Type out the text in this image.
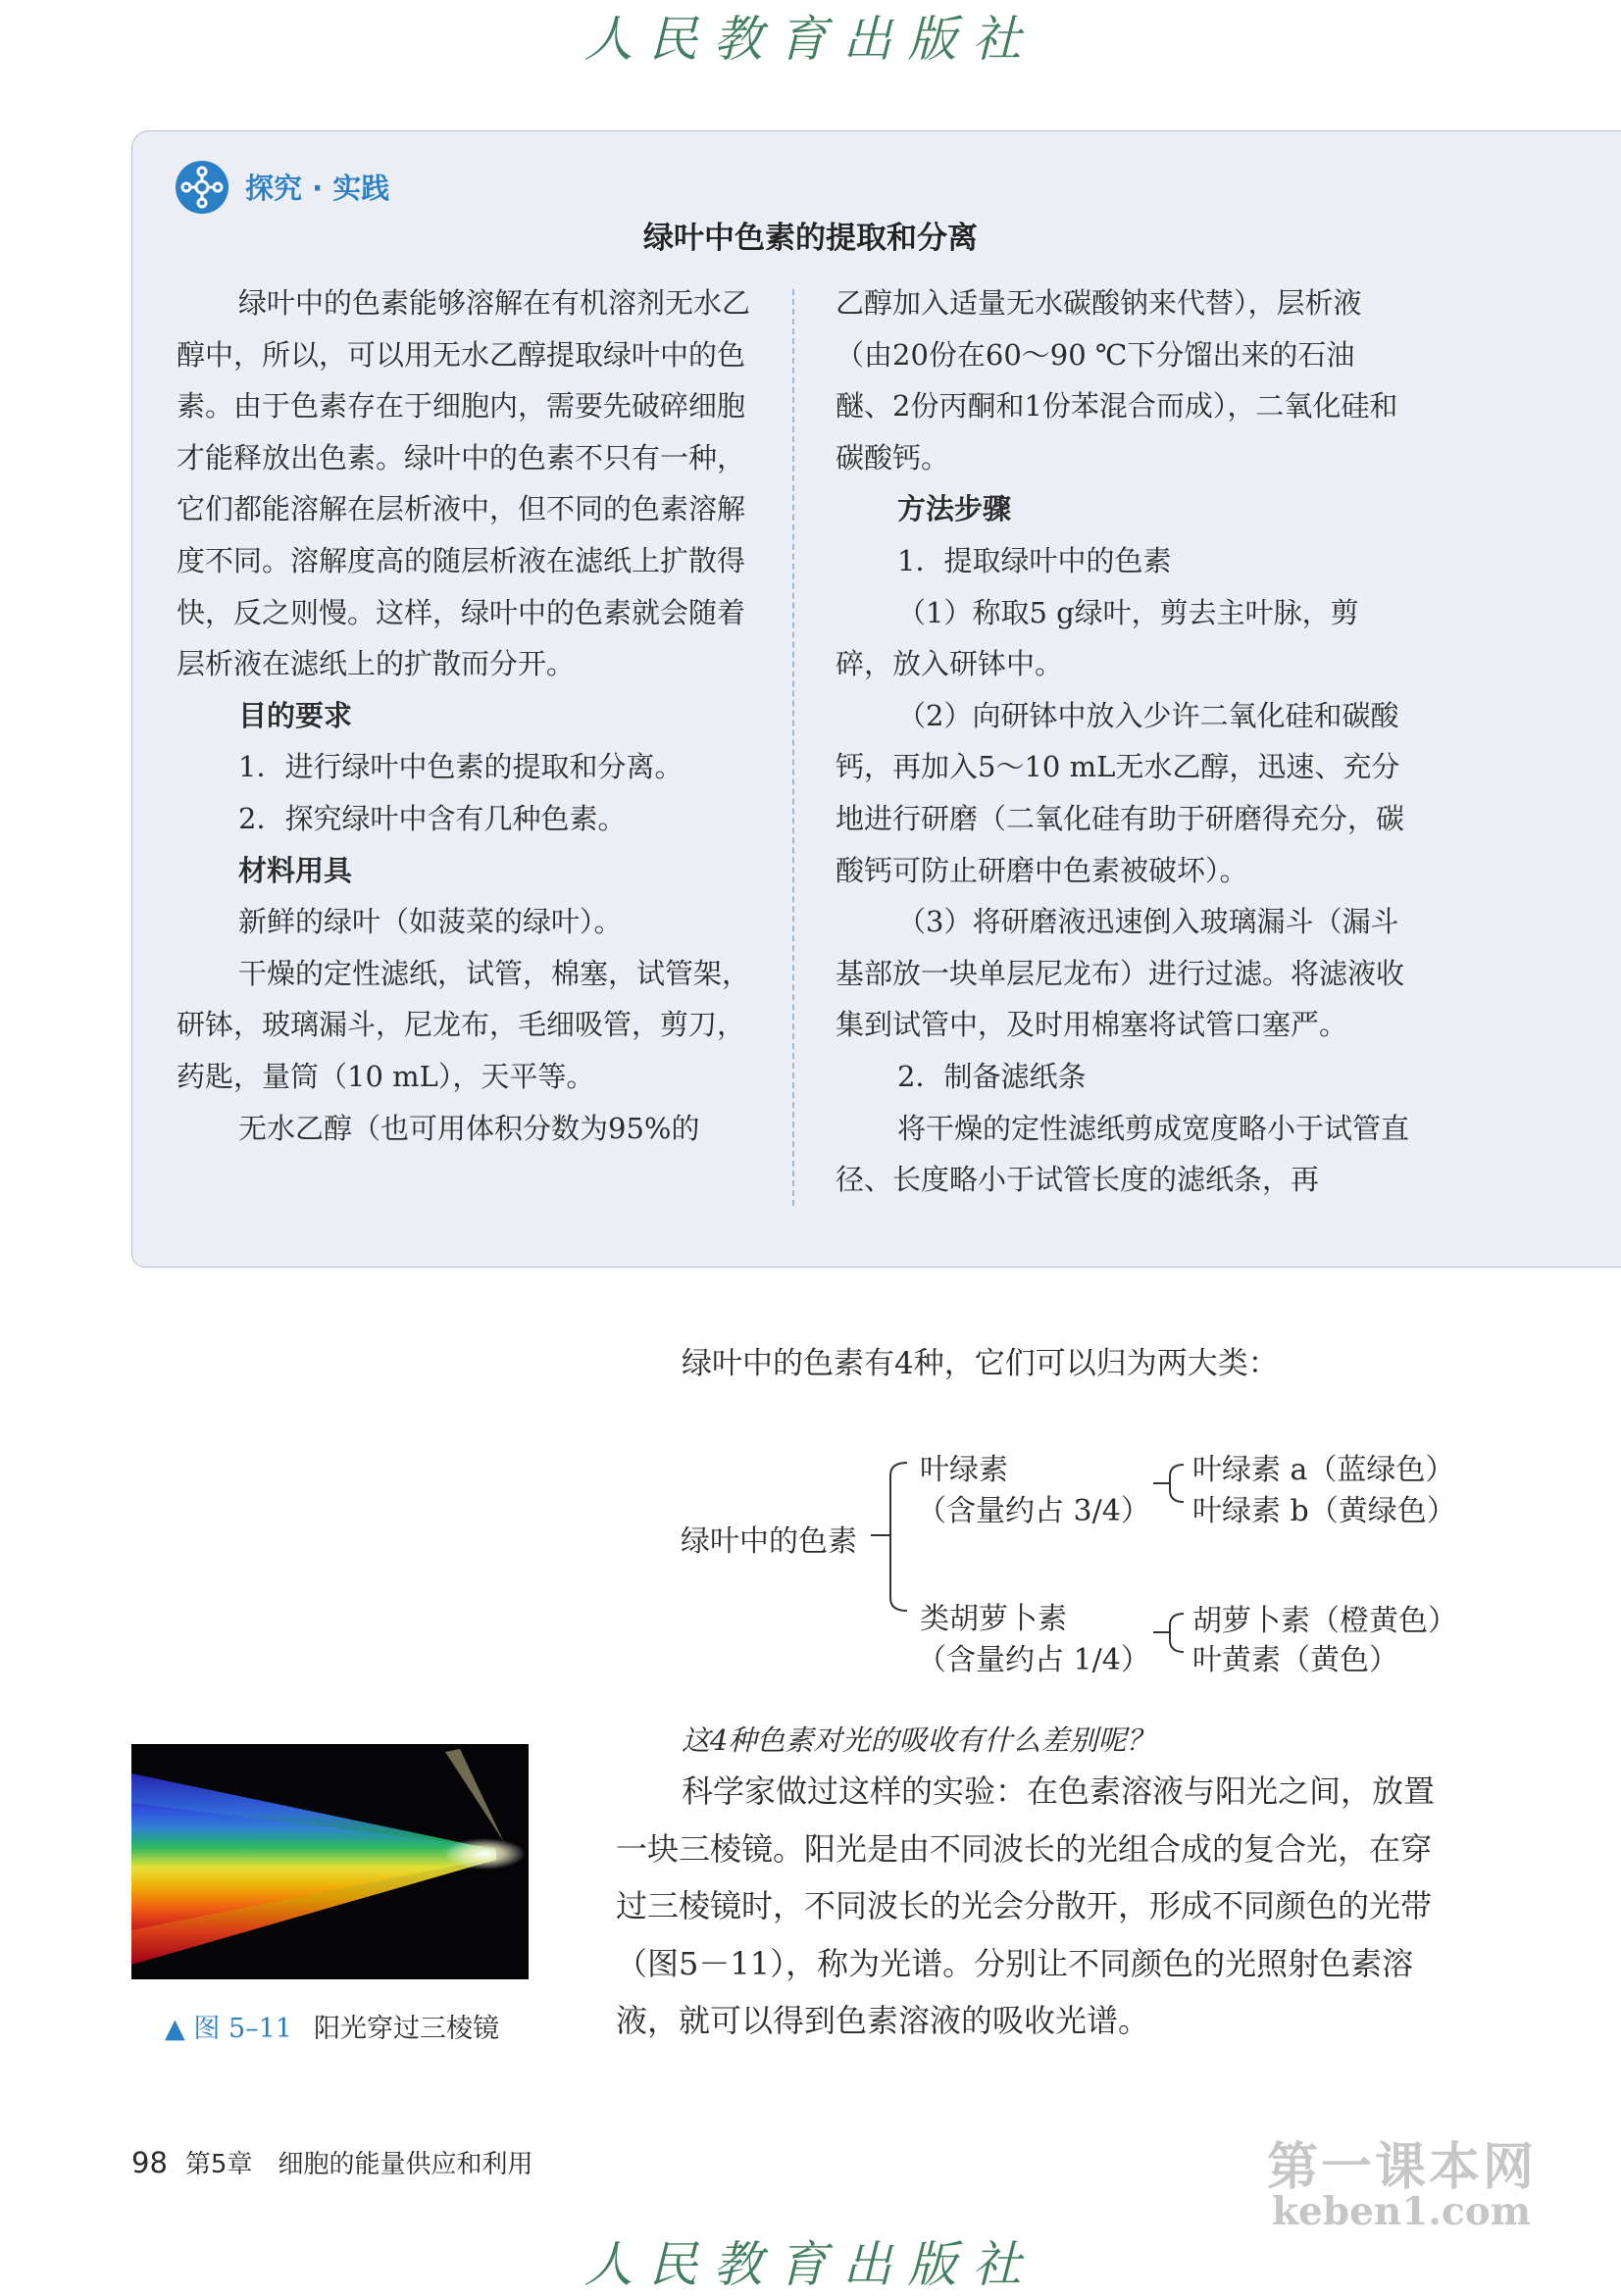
人民教育出版社
探究 · 实践
绿叶中色素的提取和分离

绿叶中的色素能够溶解在有机溶剂无水乙醇中，所以，可以用无水乙醇提取绿叶中的色素。由于色素存在于细胞内，需要先破碎细胞才能释放出色素。绿叶中的色素不只有一种，它们都能溶解在层析液中，但不同的色素溶解度不同。溶解度高的随层析液在滤纸上扩散得快，反之则慢。这样，绿叶中的色素就会随着层析液在滤纸上的扩散而分开。

目的要求

1．进行绿叶中色素的提取和分离。

2．探究绿叶中含有几种色素。

材料用具

新鲜的绿叶（如菠菜的绿叶）。

干燥的定性滤纸，试管，棉塞，试管架，研钵，玻璃漏斗，尼龙布，毛细吸管，剪刀，药匙，量筒（10 mL），天平等。

无水乙醇（也可用体积分数为95%的

乙醇加入适量无水碳酸钠来代替），层析液（由20份在60～90 ℃下分馏出来的石油醚、2份丙酮和1份苯混合而成），二氧化硅和碳酸钙。

方法步骤

1．提取绿叶中的色素

（1）称取5 g绿叶，剪去主叶脉，剪碎，放入研钵中。

（2）向研钵中放入少许二氧化硅和碳酸钙，再加入5～10 mL无水乙醇，迅速、充分地进行研磨（二氧化硅有助于研磨得充分，碳酸钙可防止研磨中色素被破坏）。

（3）将研磨液迅速倒入玻璃漏斗（漏斗基部放一块单层尼龙布）进行过滤。将滤液收集到试管中，及时用棉塞将试管口塞严。

2．制备滤纸条

将干燥的定性滤纸剪成宽度略小于试管直径、长度略小于试管长度的滤纸条，再

绿叶中的色素有4种，它们可以归为两大类：
绿叶中的色素
叶绿素
（含量约占 3/4）
叶绿素 a（蓝绿色）
叶绿素 b（黄绿色）
类胡萝卜素
（含量约占 1/4）
胡萝卜素（橙黄色）
叶黄素（黄色）
这4种色素对光的吸收有什么差别呢？

科学家做过这样的实验：在色素溶液与阳光之间，放置一块三棱镜。阳光是由不同波长的光组合成的复合光，在穿过三棱镜时，不同波长的光会分散开，形成不同颜色的光带（图5－11），称为光谱。分别让不同颜色的光照射色素溶液，就可以得到色素溶液的吸收光谱。

▲ 图 5–11 阳光穿过三棱镜
98 第5章　细胞的能量供应和利用	第一课本网
keben1.com
人民教育出版社
